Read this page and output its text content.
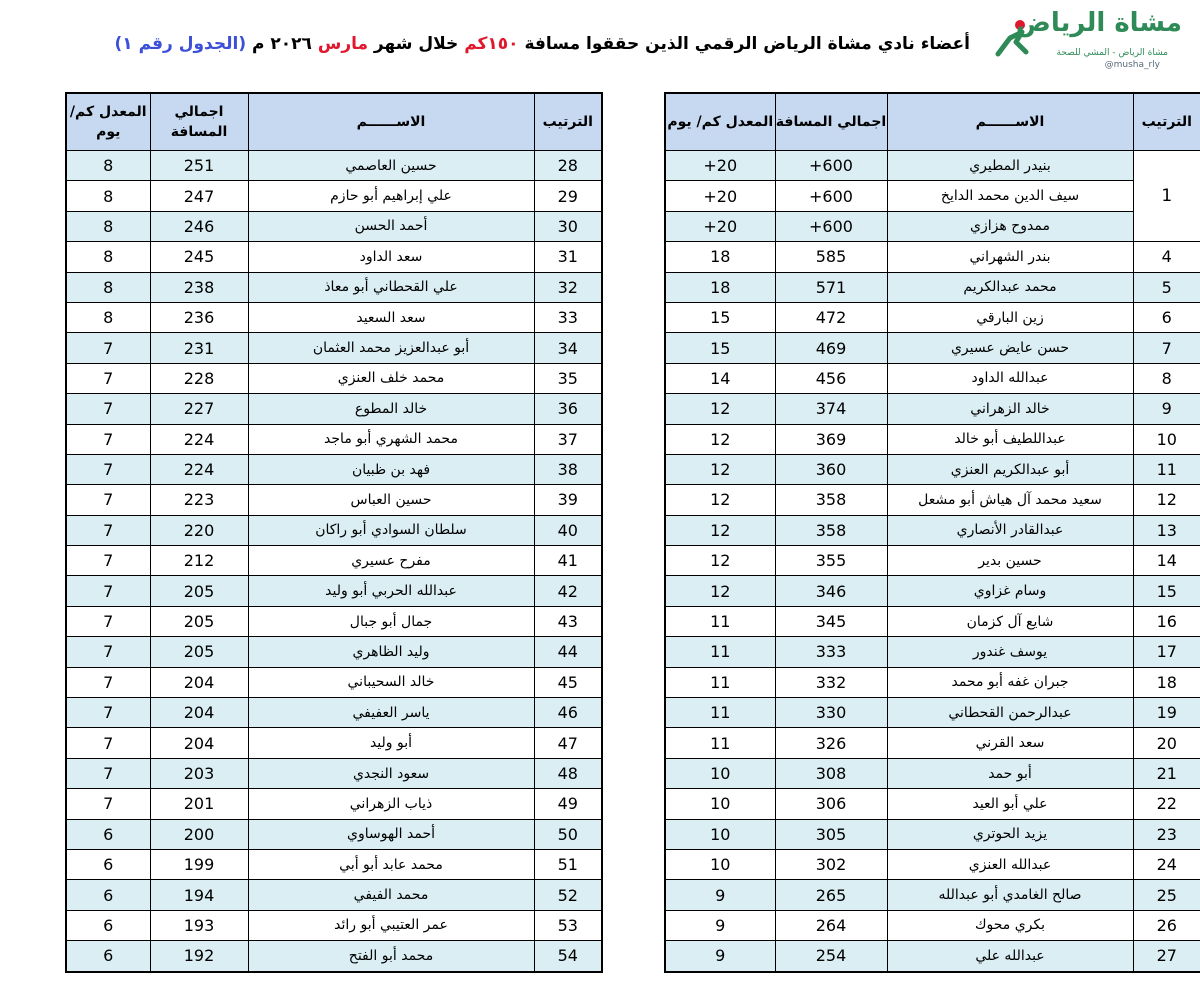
مشاة الرياض
مشاة الرياض - المشي للصحة
@musha_rly
أعضاء نادي مشاة الرياض الرقمي الذين حققوا مسافة ١٥٠كم خلال شهر مارس ٢٠٢٦ م (الجدول رقم ١)
الترتيب	الاســــــم	اجمالي المسافة	المعدل كم/ يوم
1	بنيدر المطيري	600+	20+
	سيف الدين محمد الدايخ	600+	20+
	ممدوح هزازي	600+	20+
4	بندر الشهراني	585	18
5	محمد عبدالكريم	571	18
6	زين البارقي	472	15
7	حسن عايض عسيري	469	15
8	عبدالله الداود	456	14
9	خالد الزهراني	374	12
10	عبداللطيف أبو خالد	369	12
11	أبو عبدالكريم العنزي	360	12
12	سعيد محمد آل هياش أبو مشعل	358	12
13	عبدالقادر الأنصاري	358	12
14	حسين بدير	355	12
15	وسام غزاوي	346	12
16	شايع آل كزمان	345	11
17	يوسف غندور	333	11
18	جبران غفه أبو محمد	332	11
19	عبدالرحمن القحطاني	330	11
20	سعد القرني	326	11
21	أبو حمد	308	10
22	علي أبو العيد	306	10
23	يزيد الحوتري	305	10
24	عبدالله العنزي	302	10
25	صالح الغامدي أبو عبدالله	265	9
26	بكري محوك	264	9
27	عبدالله علي	254	9
الترتيب	الاســــــم	اجمالي المسافة	المعدل كم/ يوم
28	حسين العاصمي	251	8
29	علي إبراهيم أبو حازم	247	8
30	أحمد الحسن	246	8
31	سعد الداود	245	8
32	علي القحطاني أبو معاذ	238	8
33	سعد السعيد	236	8
34	أبو عبدالعزيز محمد العثمان	231	7
35	محمد خلف العنزي	228	7
36	خالد المطوع	227	7
37	محمد الشهري أبو ماجد	224	7
38	فهد بن ظبيان	224	7
39	حسين العباس	223	7
40	سلطان السوادي أبو راكان	220	7
41	مفرح عسيري	212	7
42	عبدالله الحربي أبو وليد	205	7
43	جمال أبو جبال	205	7
44	وليد الظاهري	205	7
45	خالد السحيباني	204	7
46	ياسر العفيفي	204	7
47	أبو وليد	204	7
48	سعود النجدي	203	7
49	ذياب الزهراني	201	7
50	أحمد الهوساوي	200	6
51	محمد عابد أبو أبي	199	6
52	محمد الفيفي	194	6
53	عمر العتيبي أبو رائد	193	6
54	محمد أبو الفتح	192	6
